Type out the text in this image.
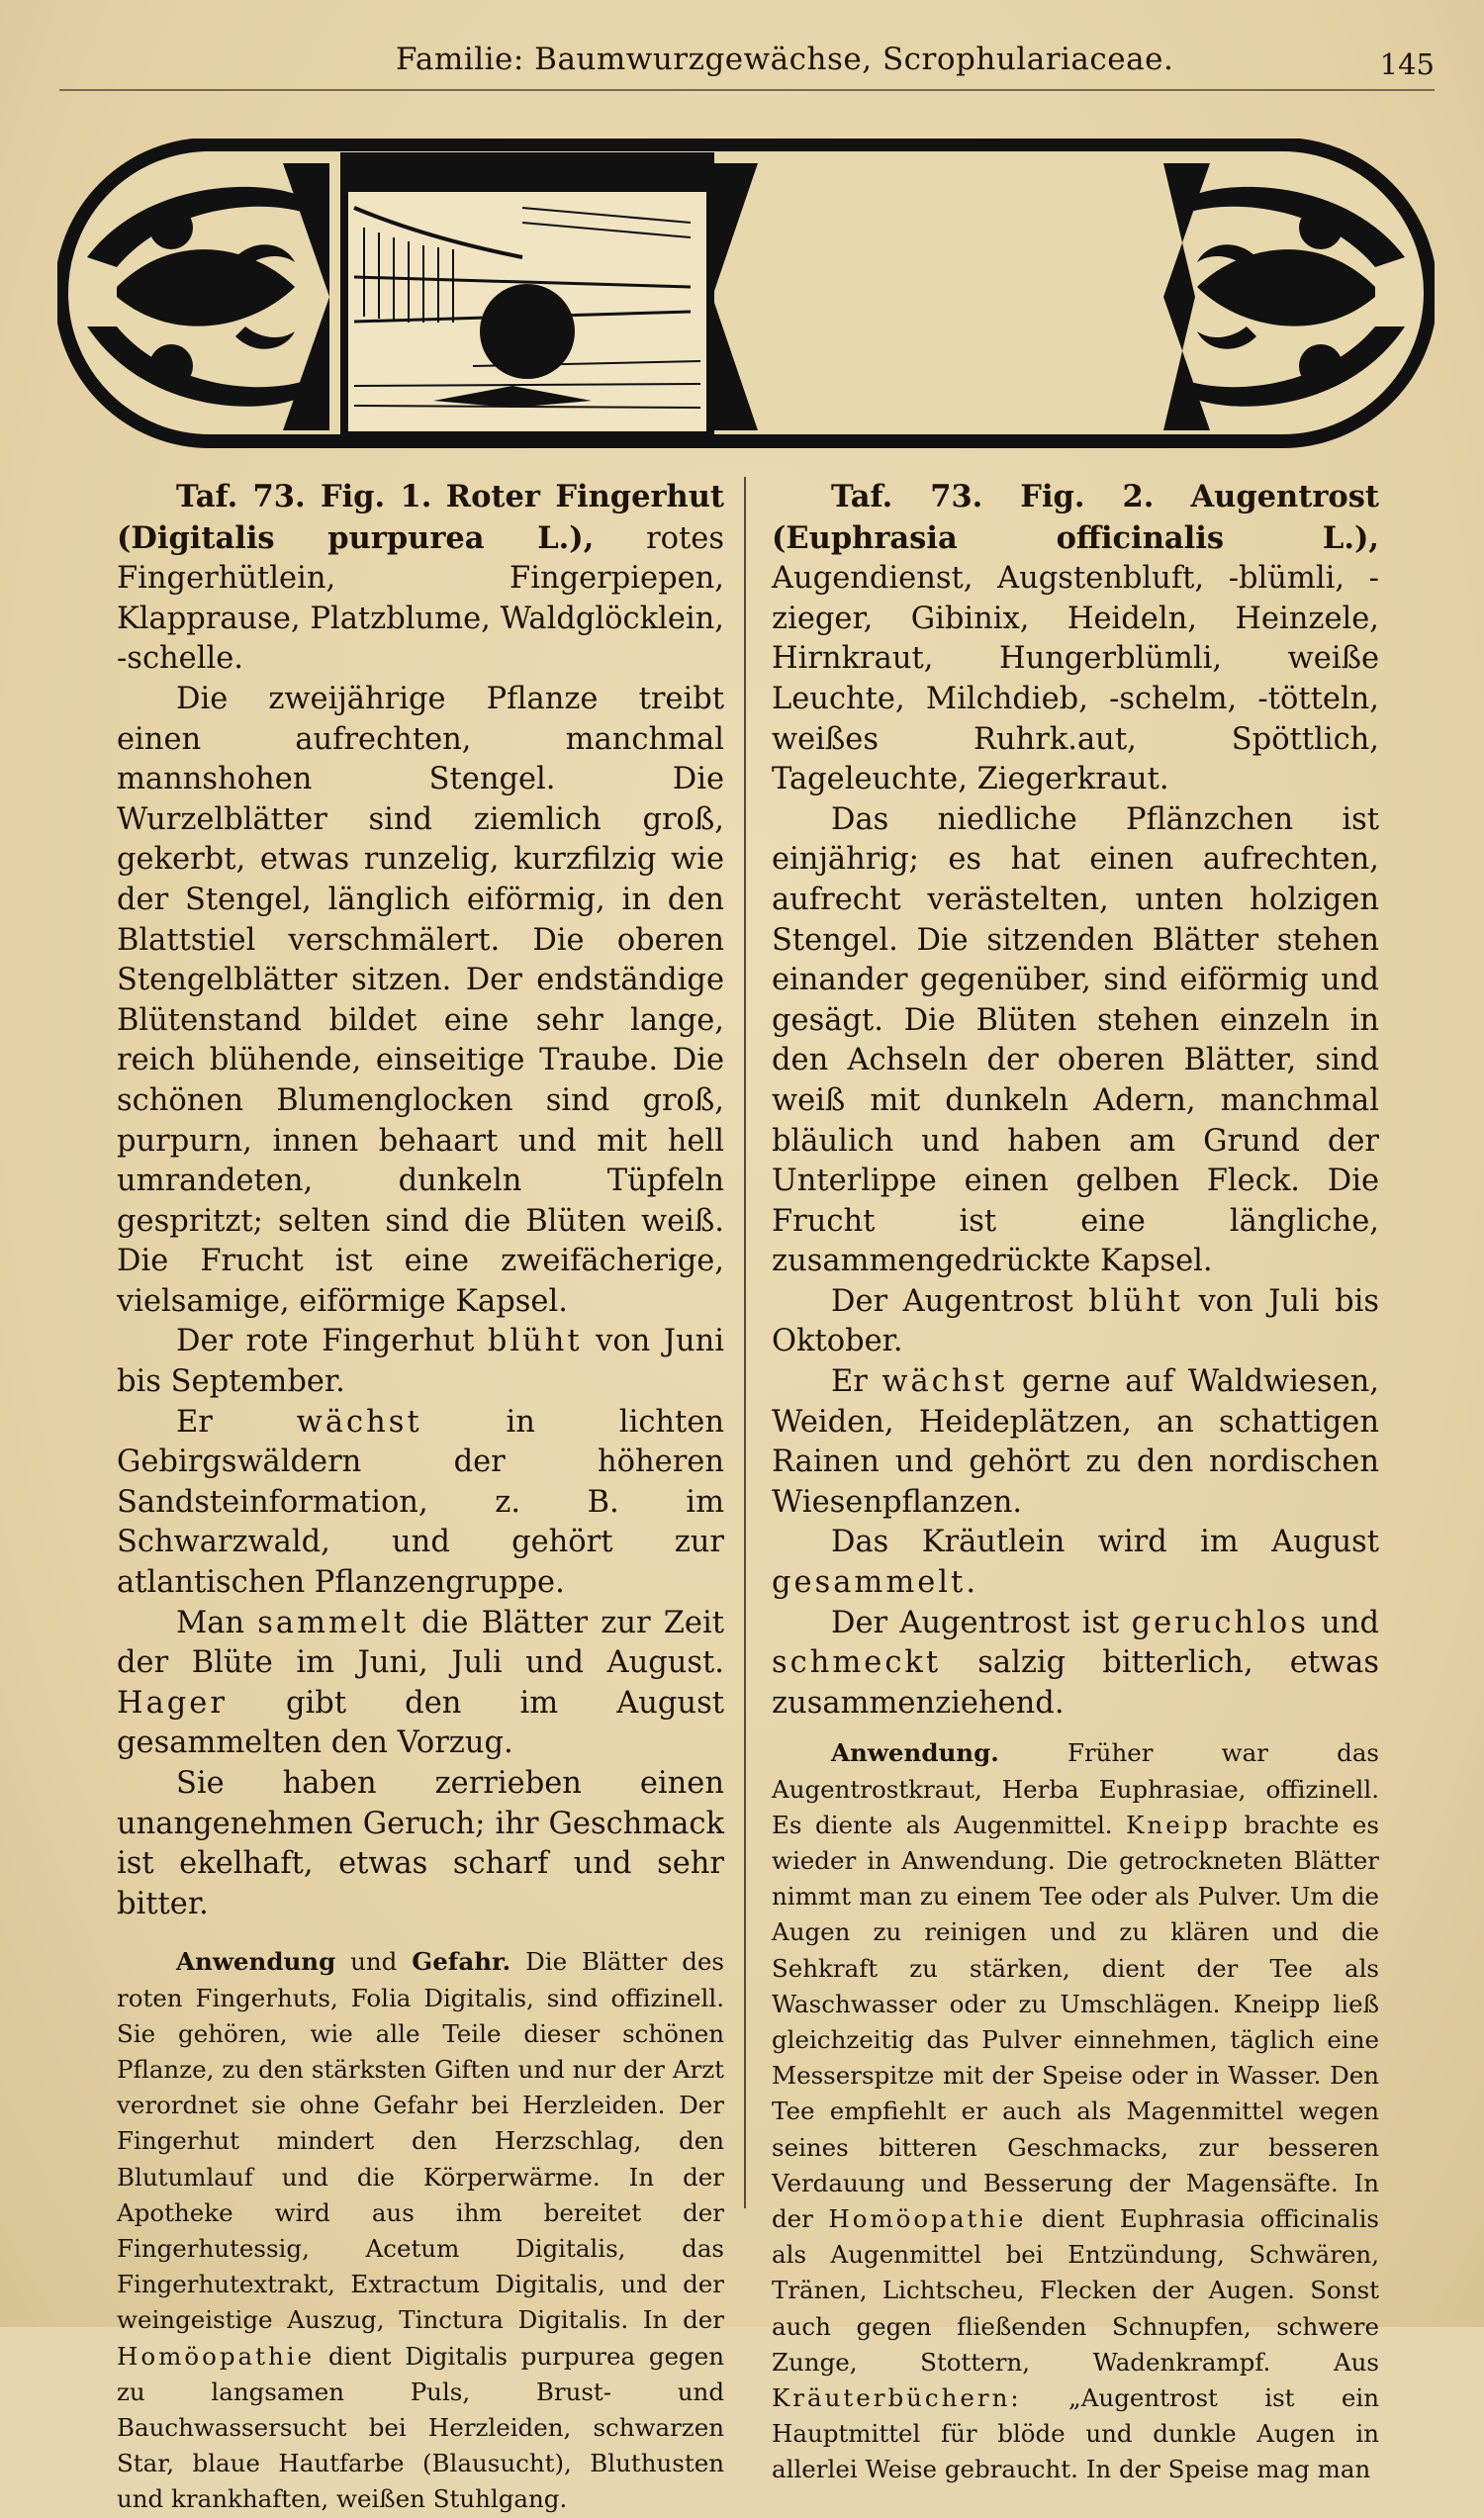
Familie: Baumwurzgewächse, Scrophulariaceae.	145
V.

Taf. 73. Fig. 1. Roter Fingerhut (Digitalis purpurea L.), rotes Fingerhütlein, Fingerpiepen, Klapprause, Platzblume, Waldglöcklein, -schelle.

Die zweijährige Pflanze treibt einen aufrechten, manchmal mannshohen Stengel. Die Wurzelblätter sind ziemlich groß, gekerbt, etwas runzelig, kurzfilzig wie der Stengel, länglich eiförmig, in den Blattstiel verschmälert. Die oberen Stengelblätter sitzen. Der endständige Blütenstand bildet eine sehr lange, reich blühende, einseitige Traube. Die schönen Blumenglocken sind groß, purpurn, innen behaart und mit hell umrandeten, dunkeln Tüpfeln gespritzt; selten sind die Blüten weiß. Die Frucht ist eine zweifächerige, vielsamige, eiförmige Kapsel.

Der rote Fingerhut blüht von Juni bis September.

Er	wächst	in lichten Gebirgswäldern der höheren Sandsteinformation, z. B. im Schwarzwald, und gehört zur atlantischen Pflanzengruppe.

Man sammelt die Blätter zur Zeit der Blüte im Juni, Juli und August. Hager gibt den im August gesammelten den Vorzug.

Sie haben zerrieben einen unangenehmen Geruch; ihr Geschmack ist ekelhaft, etwas scharf und sehr bitter.

Anwendung und Gefahr. Die Blätter des roten Fingerhuts, Folia Digitalis, sind offizinell. Sie gehören, wie alle Teile dieser schönen Pflanze, zu den stärksten Giften und nur der Arzt verordnet sie ohne Gefahr bei Herzleiden. Der Fingerhut mindert den Herzschlag, den Blutumlauf und die Körperwärme. In der Apotheke wird aus ihm bereitet der Fingerhutessig, Acetum Digitalis, das Fingerhutextrakt, Extractum Digitalis, und der weingeistige Auszug, Tinctura Digitalis. In der Homöopathie dient Digitalis purpurea gegen zu langsamen Puls, Brust- und Bauchwassersucht bei Herzleiden, schwarzen Star, blaue Hautfarbe (Blausucht), Bluthusten und krankhaften, weißen Stuhlgang.

Taf. 73. Fig. 2. Augentrost (Euphrasia officinalis L.), Augendienst, Augstenbluft, -blümli, -zieger, Gibinix, Heideln, Heinzele, Hirnkraut, Hungerblümli, weiße Leuchte, Milchdieb, -schelm, -tötteln, weißes Ruhrk.aut, Spöttlich, Tageleuchte, Ziegerkraut.

Das niedliche Pflänzchen ist einjährig; es hat einen aufrechten, aufrecht verästelten, unten holzigen Stengel. Die sitzenden Blätter stehen einander gegenüber, sind eiförmig und gesägt. Die Blüten stehen einzeln in den Achseln der oberen Blätter, sind weiß mit dunkeln Adern, manchmal bläulich und haben am Grund der Unterlippe einen gelben Fleck. Die Frucht ist eine längliche, zusammengedrückte Kapsel.

Der Augentrost blüht von Juli bis Oktober.

Er wächst gerne auf Waldwiesen, Weiden, Heideplätzen, an schattigen Rainen und gehört zu den nordischen Wiesenpflanzen.

Das Kräutlein wird im August gesammelt.

Der Augentrost ist geruchlos und schmeckt salzig bitterlich, etwas zusammenziehend.

Anwendung.	Früher war das Augentrostkraut, Herba Euphrasiae, offizinell. Es diente als Augenmittel. Kneipp brachte es wieder in Anwendung. Die getrockneten Blätter nimmt man zu einem Tee oder als Pulver. Um die Augen zu reinigen und zu klären und die Sehkraft zu stärken, dient der Tee als Waschwasser oder zu Umschlägen. Kneipp ließ gleichzeitig das Pulver einnehmen, täglich eine Messerspitze mit der Speise oder in Wasser. Den Tee empfiehlt er auch als Magenmittel wegen seines bitteren Geschmacks, zur besseren Verdauung und Besserung der Magensäfte. In der Homöopathie dient Euphrasia officinalis als Augenmittel bei Entzündung, Schwären, Tränen, Lichtscheu, Flecken der Augen. Sonst auch gegen fließenden Schnupfen, schwere Zunge, Stottern, Wadenkrampf. Aus Kräuterbüchern: „Augentrost ist ein Hauptmittel für blöde und dunkle Augen in allerlei Weise gebraucht. In der Speise mag man
